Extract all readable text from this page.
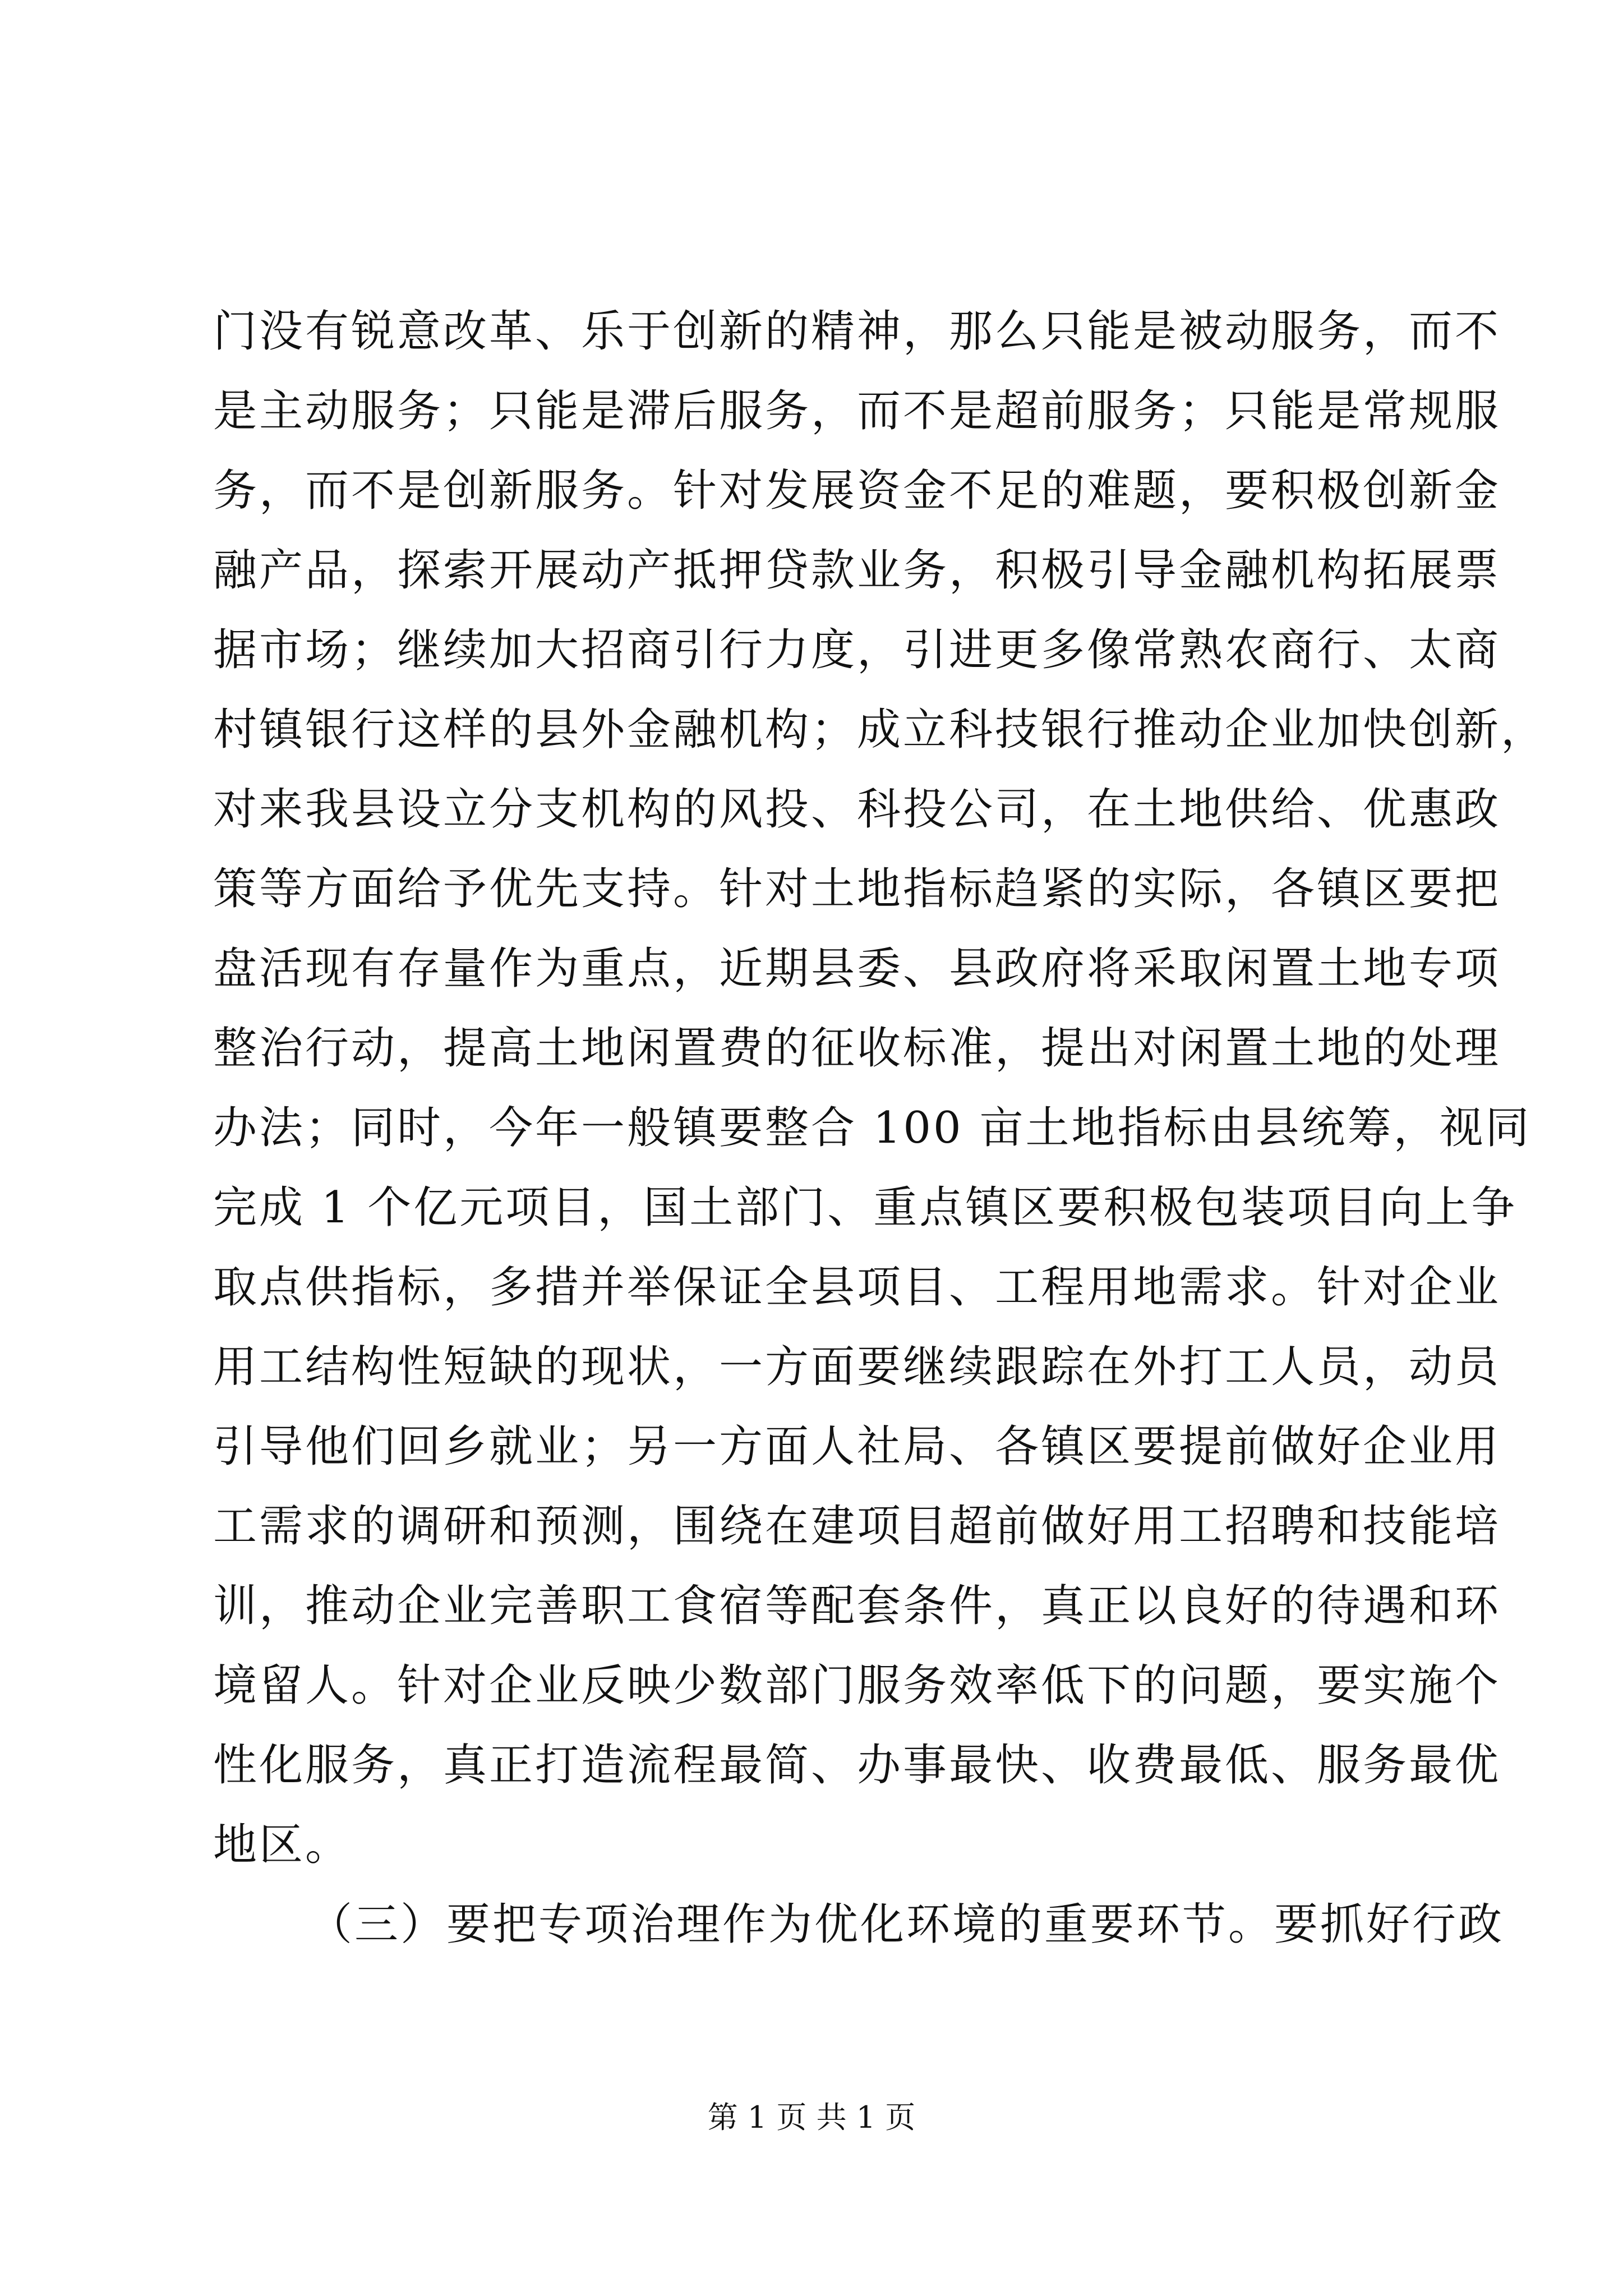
门没有锐意改革、乐于创新的精神，那么只能是被动服务，而不
是主动服务；只能是滞后服务，而不是超前服务；只能是常规服
务，而不是创新服务。针对发展资金不足的难题，要积极创新金
融产品，探索开展动产抵押贷款业务，积极引导金融机构拓展票
据市场；继续加大招商引行力度，引进更多像常熟农商行、太商
村镇银行这样的县外金融机构；成立科技银行推动企业加快创新，
对来我县设立分支机构的风投、科投公司，在土地供给、优惠政
策等方面给予优先支持。针对土地指标趋紧的实际，各镇区要把
盘活现有存量作为重点，近期县委、县政府将采取闲置土地专项
整治行动，提高土地闲置费的征收标准，提出对闲置土地的处理
办法；同时，今年一般镇要整合 100 亩土地指标由县统筹，视同
完成 1 个亿元项目，国土部门、重点镇区要积极包装项目向上争
取点供指标，多措并举保证全县项目、工程用地需求。针对企业
用工结构性短缺的现状，一方面要继续跟踪在外打工人员，动员
引导他们回乡就业；另一方面人社局、各镇区要提前做好企业用
工需求的调研和预测，围绕在建项目超前做好用工招聘和技能培
训，推动企业完善职工食宿等配套条件，真正以良好的待遇和环
境留人。针对企业反映少数部门服务效率低下的问题，要实施个
性化服务，真正打造流程最简、办事最快、收费最低、服务最优
地区。
（三）要把专项治理作为优化环境的重要环节。要抓好行政
第 1 页 共 1 页
